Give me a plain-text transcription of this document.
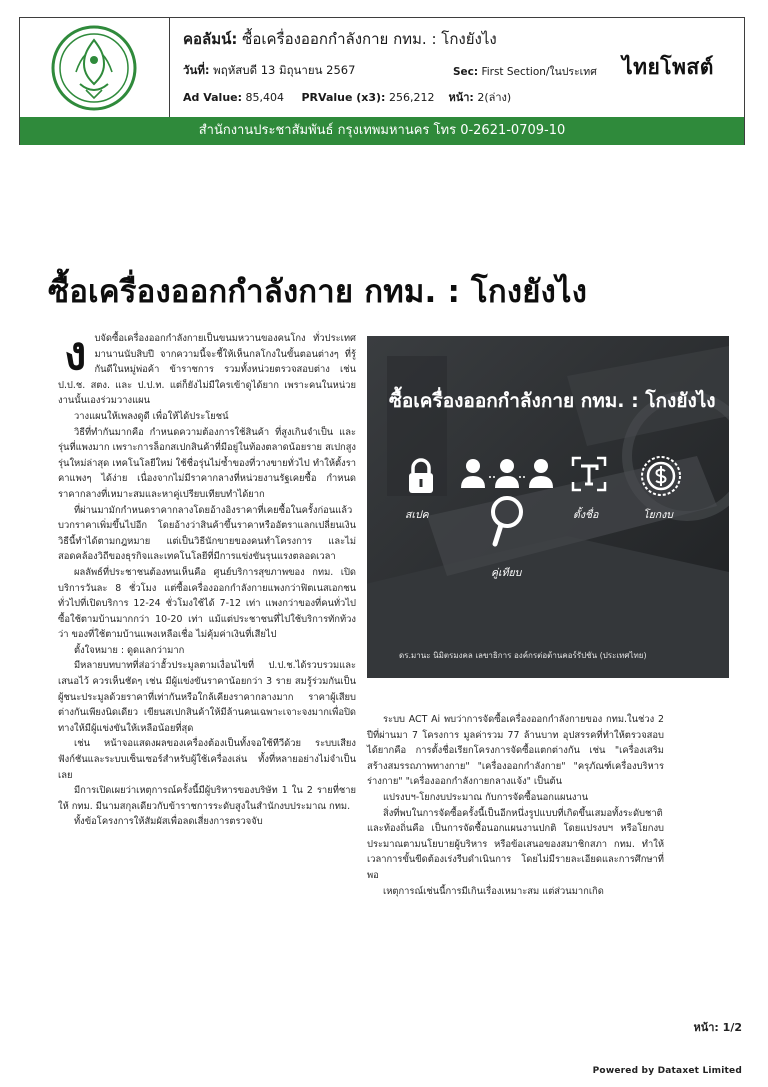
คอลัมน์: ซื้อเครื่องออกกำลังกาย กทม. : โกงยังไง
วันที่: พฤหัสบดี 13 มิถุนายน 2567	Sec: First Section/ในประเทศ
Ad Value: 85,404 PRValue (x3): 256,212 หน้า: 2(ล่าง)
ไทยโพสต์
สำนักงานประชาสัมพันธ์ กรุงเทพมหานคร โทร 0-2621-0709-10
ซื้อเครื่องออกกำลังกาย กทม. : โกงยังไง
ง บจัดซื้อเครื่องออกกำลังกายเป็นขนมหวานของคนโกง ทั่วประเทศมานานนับสิบปี จากความนี้จะชี้ให้เห็นกลโกงในขั้นตอนต่างๆ ที่รู้กันดีในหมู่พ่อค้า ข้าราชการ รวมทั้งหน่วยตรวจสอบต่าง เช่น ป.ป.ช. สตง. และ ป.ป.ท. แต่ก็ยังไม่มีใครเข้าดูได้ยาก เพราะคนในหน่วยงานนั้นเองร่วมวางแผน

วางแผนให้เพลงดูดี เพื่อให้ได้ประโยชน์

วิธีที่ทำกันมากคือ กำหนดความต้องการใช้สินค้า ที่สูงเกินจำเป็น และรุ่นที่แพงมาก เพราะการล็อกสเปกสินค้าที่มีอยู่ในท้องตลาดน้อยราย สเปกสูงรุ่นใหม่ล่าสุด เทคโนโลยีใหม่ ใช้ชื่อรุ่นไม่ซ้ำของที่วางขายทั่วไป ทำให้ตั้งราคาแพงๆ ได้ง่าย เนื่องจากไม่มีราคากลางที่หน่วยงานรัฐเคยซื้อ กำหนดราคากลางที่เหมาะสมและหาคู่เปรียบเทียบทำได้ยาก

ที่ผ่านมามักกำหนดราคากลางโดยอ้างอิงราคาที่เคยซื้อในครั้งก่อนแล้วบวกราคาเพิ่มขึ้นไปอีก โดยอ้างว่าสินค้าขึ้นราคาหรืออัตราแลกเปลี่ยนเงิน วิธีนี้ทำได้ตามกฎหมาย แต่เป็นวิธีนักขายของคนทำโครงการ และไม่สอดคล้องวิถีของธุรกิจและเทคโนโลยีที่มีการแข่งขันรุนแรงตลอดเวลา

ผลลัพธ์ที่ประชาชนต้องทนเห็นคือ ศูนย์บริการสุขภาพของ กทม. เปิดบริการวันละ 8 ชั่วโมง แต่ซื้อเครื่องออกกำลังกายแพงกว่าฟิตเนสเอกชนทั่วไปที่เปิดบริการ 12-24 ชั่วโมงใช้ได้ 7-12 เท่า แพงกว่าของที่คนทั่วไปซื้อใช้ตามบ้านมากกว่า 10-20 เท่า แม้แต่ประชาชนที่ไปใช้บริการทักท้วงว่า ของที่ใช้ตามบ้านแพงเหลือเชื่อ ไม่คุ้มค่าเงินที่เสียไป

ตั้งใจหมาย : ดูดแลกว่ามาก

มีหลายบทบาทที่ส่อว่าฮั้วประมูลตามเงื่อนไขที่ ป.ป.ช.ได้รวบรวมและเสนอไว้ ควรเห็นชัดๆ เช่น มีผู้แข่งขันราคาน้อยกว่า 3 ราย สมรู้ร่วมกันเป็นผู้ชนะประมูลด้วยราคาที่เท่ากันหรือใกล้เคียงราคากลางมาก ราคาผู้เสียบต่างกันเพียงนิดเดียว เขียนสเปกสินค้าให้มีล้านคนเฉพาะเจาะจงมากเพื่อปิดทางให้มีผู้แข่งขันให้เหลือน้อยที่สุด

เช่น หน้าจอแสดงผลของเครื่องต้องเป็นทั้งจอใช้ทีวีด้วย ระบบเสียง ฟังก์ชันและระบบเซ็นเซอร์สำหรับผู้ใช้เครื่องเล่น ทั้งที่หลายอย่างไม่จำเป็นเลย

มีการเปิดเผยว่าเหตุการณ์ครั้งนี้มีผู้บริหารของบริษัท 1 ใน 2 รายที่ชายให้ กทม. มีนามสกุลเดียวกับข้าราชการระดับสูงในสำนักงบประมาณ กทม.

ทั้งข้อโครงการให้สัมผัสเพื่อลดเสี่ยงการตรวจจับ

ซื้อเครื่องออกกำลังกาย กทม. : โกงยังไง
สเปค
คู่เทียบ
ตั้งชื่อ	โยกงบ
ดร.มานะ นิมิตรมงคล เลขาธิการ องค์กรต่อต้านคอร์รัปชัน (ประเทศไทย)

ระบบ ACT Ai พบว่าการจัดซื้อเครื่องออกกำลังกายของ กทม.ในช่วง 2 ปีที่ผ่านมา 7 โครงการ มูลค่ารวม 77 ล้านบาท อุปสรรคที่ทำให้ตรวจสอบได้ยากคือ การตั้งชื่อเรียกโครงการจัดซื้อแตกต่างกัน เช่น "เครื่องเสริมสร้างสมรรถภาพทางกาย" "เครื่องออกกำลังกาย" "ครุภัณฑ์เครื่องบริหารร่างกาย" "เครื่องออกกำลังกายกลางแจ้ง" เป็นต้น

แปรงบฯ-โยกงบประมาณ กับการจัดซื้อนอกแผนงาน

สิ่งที่พบในการจัดซื้อครั้งนี้เป็นอีกหนึ่งรูปแบบที่เกิดขึ้นเสมอทั้งระดับชาติและท้องถิ่นคือ เป็นการจัดซื้อนอกแผนงานปกติ โดยแปรงบฯ หรือโยกงบประมาณตามนโยบายผู้บริหาร หรือข้อเสนอของสมาชิกสภา กทม. ทำให้เวลาการขั้นขีดต้องเร่งรีบดำเนินการ โดยไม่มีรายละเอียดและการศึกษาที่พอ

เหตุการณ์เช่นนี้การมีเกินเรื่องเหมาะสม แต่ส่วนมากเกิด

หน้า: 1/2
Powered by Dataxet Limited
